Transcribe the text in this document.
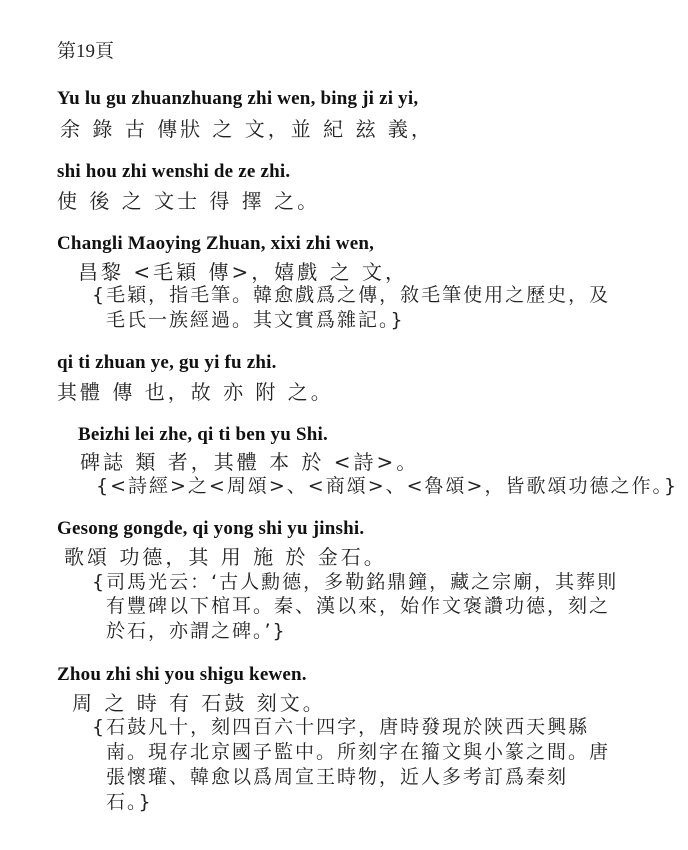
第19頁
Yu lu gu zhuanzhuang zhi wen, bing ji zi yi,
余 錄 古 傳狀 之 文，並 紀 玆 義，
shi hou zhi wenshi de ze zhi.
使 後 之 文士 得 擇 之。
Changli Maoying Zhuan, xixi zhi wen,
昌黎 <毛穎 傳>，嬉戲 之 文，
{毛穎，指毛筆。韓愈戲爲之傳，敘毛筆使用之歷史，及
毛氏一族經過。其文實爲雜記。}
qi ti zhuan ye, gu yi fu zhi.
其體 傳 也，故 亦 附 之。
Beizhi lei zhe, qi ti ben yu Shi.
碑誌 類 者，其體 本 於 <詩>。
{<詩經>之<周頌>、<商頌>、<魯頌>，皆歌頌功德之作。}
Gesong gongde, qi yong shi yu jinshi.
歌頌 功德，其 用 施 於 金石。
{司馬光云：‘古人勳德，多勒銘鼎鐘，藏之宗廟，其葬則
有豐碑以下棺耳。秦、漢以來，始作文褒讚功德，刻之
於石，亦謂之碑。’}
Zhou zhi shi you shigu kewen.
周 之 時 有 石鼓 刻文。
{石鼓凡十，刻四百六十四字，唐時發現於陝西天興縣
南。現存北京國子監中。所刻字在籀文與小篆之間。唐
張懷瓘、韓愈以爲周宣王時物，近人多考訂爲秦刻
石。}
